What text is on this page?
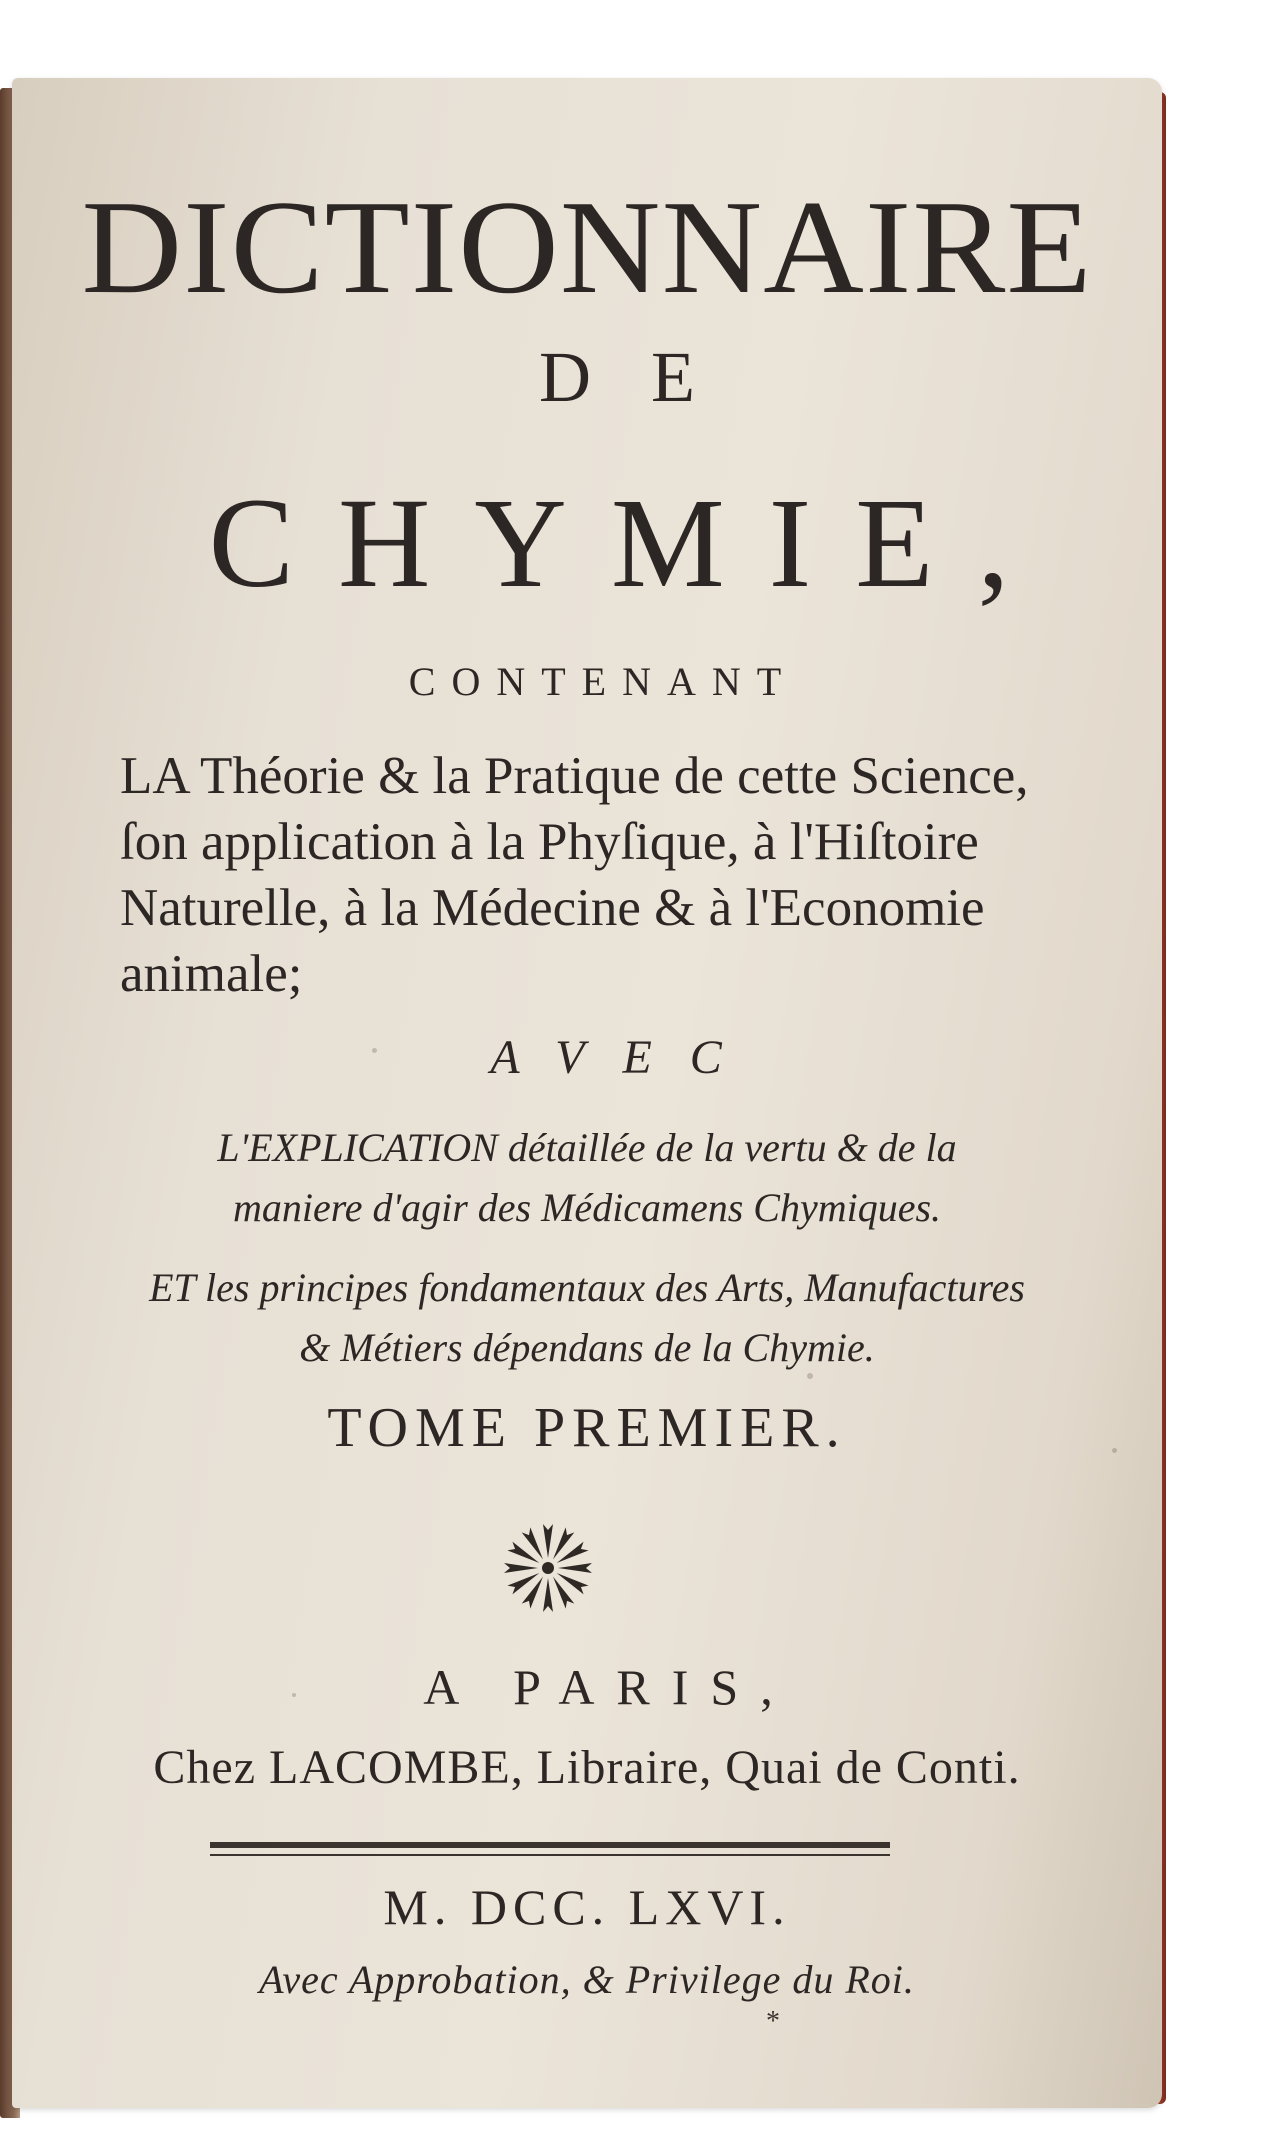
DICTIONNAIRE
DE
CHYMIE,
CONTENANT
LA Théorie & la Pratique de cette Science,
ſon application à la Phyſique, à l'Hiſtoire
Naturelle, à la Médecine & à l'Economie
animale;
AVEC
L'EXPLICATION détaillée de la vertu & de la
maniere d'agir des Médicamens Chymiques.
ET les principes fondamentaux des Arts, Manufactures
& Métiers dépendans de la Chymie.
TOME PREMIER.
A PARIS,
Chez LACOMBE, Libraire, Quai de Conti.
M. DCC. LXVI.
Avec Approbation, & Privilege du Roi.
*
